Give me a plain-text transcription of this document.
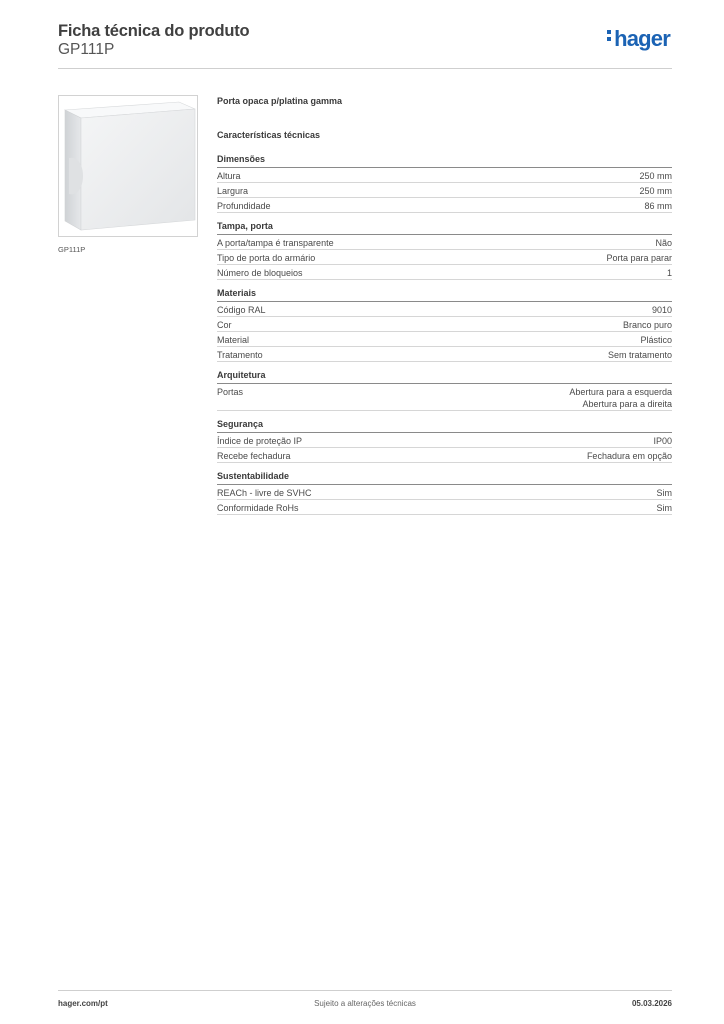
Ficha técnica do produto
GP111P	hager
GP111P
Porta opaca p/platina gamma
Características técnicas
Dimensões
Altura	250 mm
Largura	250 mm
Profundidade	86 mm
Tampa, porta
A porta/tampa é transparente	Não
Tipo de porta do armário	Porta para parar
Número de bloqueios	1
Materiais
Código RAL	9010
Cor	Branco puro
Material	Plástico
Tratamento	Sem tratamento
Arquitetura
Portas	Abertura para a esquerda
Abertura para a direita
Segurança
Índice de proteção IP	IP00
Recebe fechadura	Fechadura em opção
Sustentabilidade
REACh - livre de SVHC	Sim
Conformidade RoHs	Sim
hager.com/pt	Sujeito a alterações técnicas	05.03.2026
